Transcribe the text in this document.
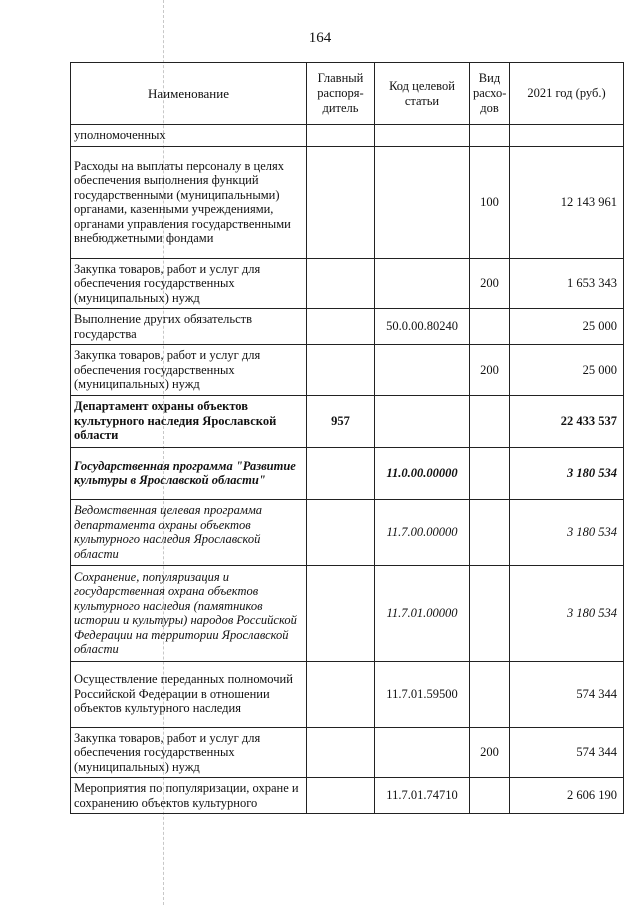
164
Наименование	Главный распоря-дитель	Код целевой статьи	Вид расхо-дов	2021 год (руб.)
уполномоченных				
Расходы на выплаты персоналу в целях обеспечения выполнения функций государственными (муниципальными) органами, казенными учреждениями, органами управления государственными внебюджетными фондами			100	12 143 961
Закупка товаров, работ и услуг для обеспечения государственных (муниципальных) нужд			200	1 653 343
Выполнение других обязательств государства		50.0.00.80240		25 000
Закупка товаров, работ и услуг для обеспечения государственных (муниципальных) нужд			200	25 000
Департамент охраны объектов культурного наследия Ярославской области	957			22 433 537
Государственная программа "Развитие культуры в Ярославской области"		11.0.00.00000		3 180 534
Ведомственная целевая программа департамента охраны объектов культурного наследия Ярославской области		11.7.00.00000		3 180 534
Сохранение, популяризация и государственная охрана объектов культурного наследия (памятников истории и культуры) народов Российской Федерации на территории Ярославской области		11.7.01.00000		3 180 534
Осуществление переданных полномочий Российской Федерации в отношении объектов культурного наследия		11.7.01.59500		574 344
Закупка товаров, работ и услуг для обеспечения государственных (муниципальных) нужд			200	574 344
Мероприятия по популяризации, охране и сохранению объектов культурного		11.7.01.74710		2 606 190
